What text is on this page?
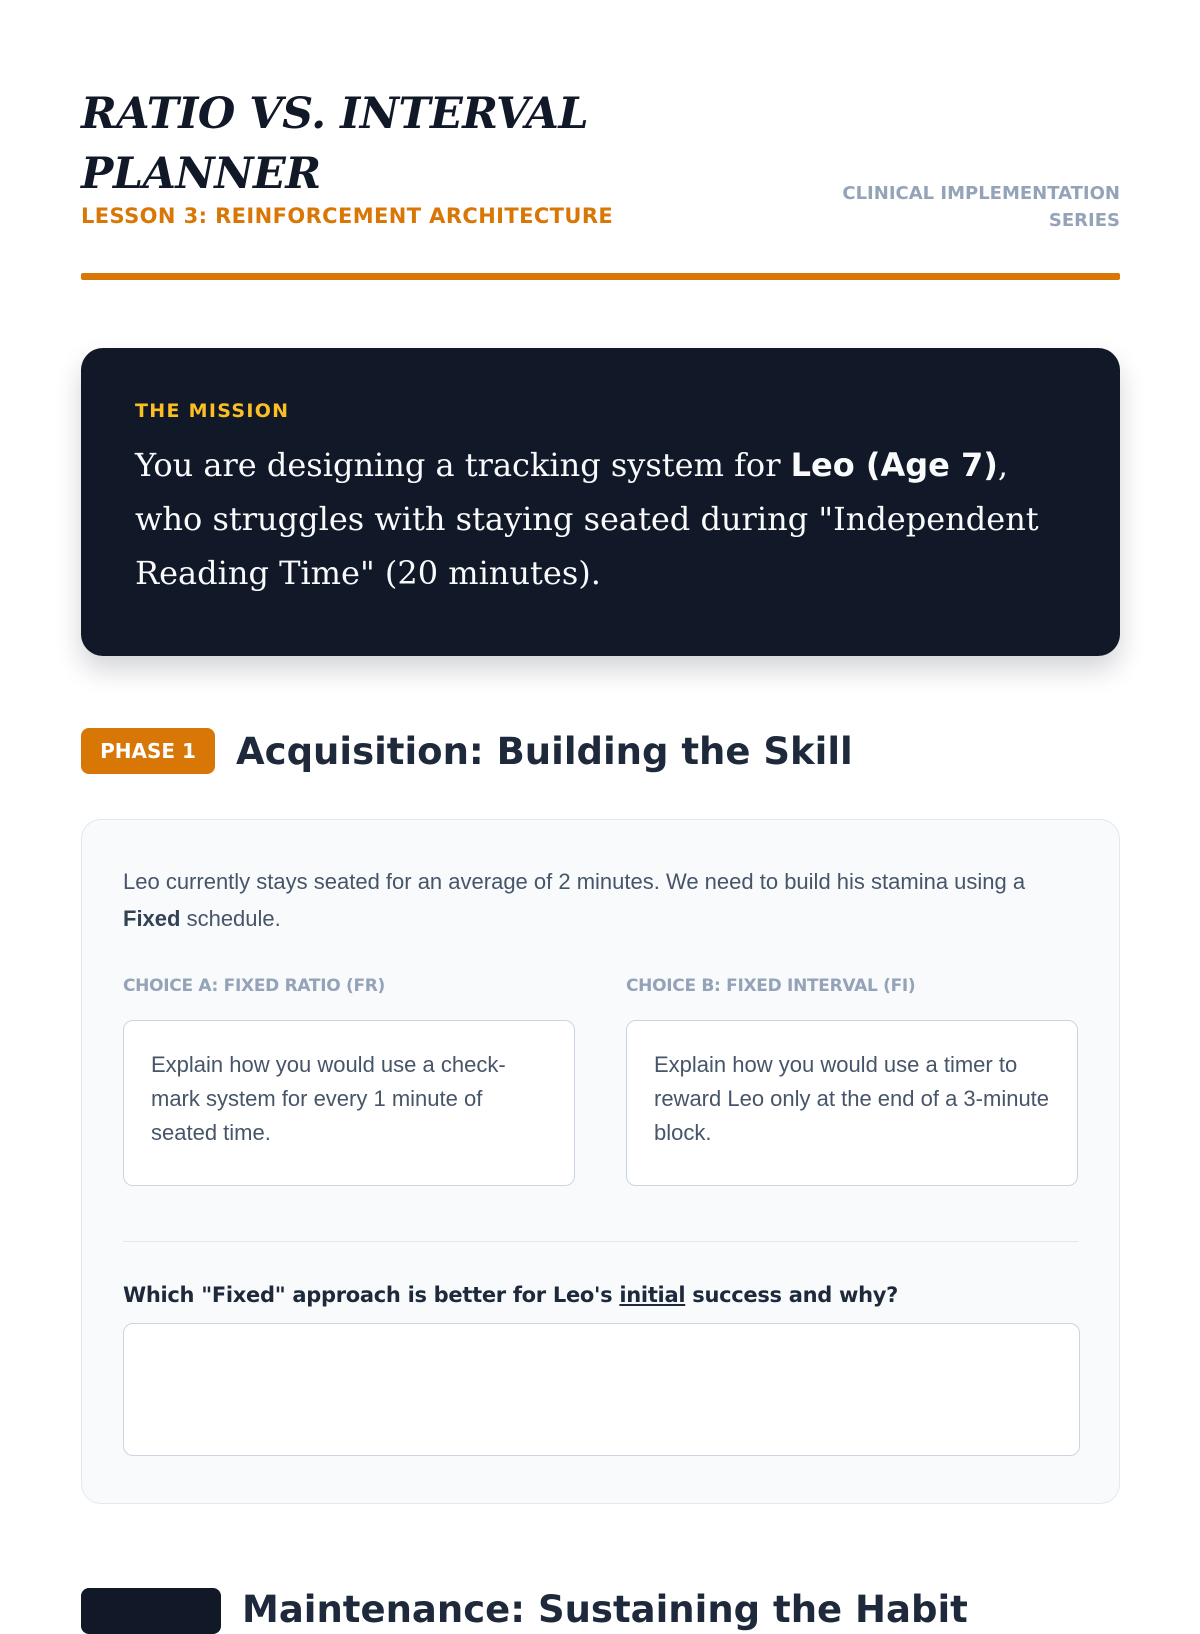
RATIO VS. INTERVAL PLANNER
LESSON 3: REINFORCEMENT ARCHITECTURE
CLINICAL IMPLEMENTATION SERIES
THE MISSION

You are designing a tracking system for Leo (Age 7), who struggles with staying seated during "Independent Reading Time" (20 minutes).

PHASE 1	Acquisition: Building the Skill

Leo currently stays seated for an average of 2 minutes. We need to build his stamina using a Fixed schedule.

CHOICE A: FIXED RATIO (FR)
Explain how you would use a check-mark system for every 1 minute of seated time.
CHOICE B: FIXED INTERVAL (FI)
Explain how you would use a timer to reward Leo only at the end of a 3-minute block.
Which "Fixed" approach is better for Leo's initial success and why?
Maintenance: Sustaining the Habit
